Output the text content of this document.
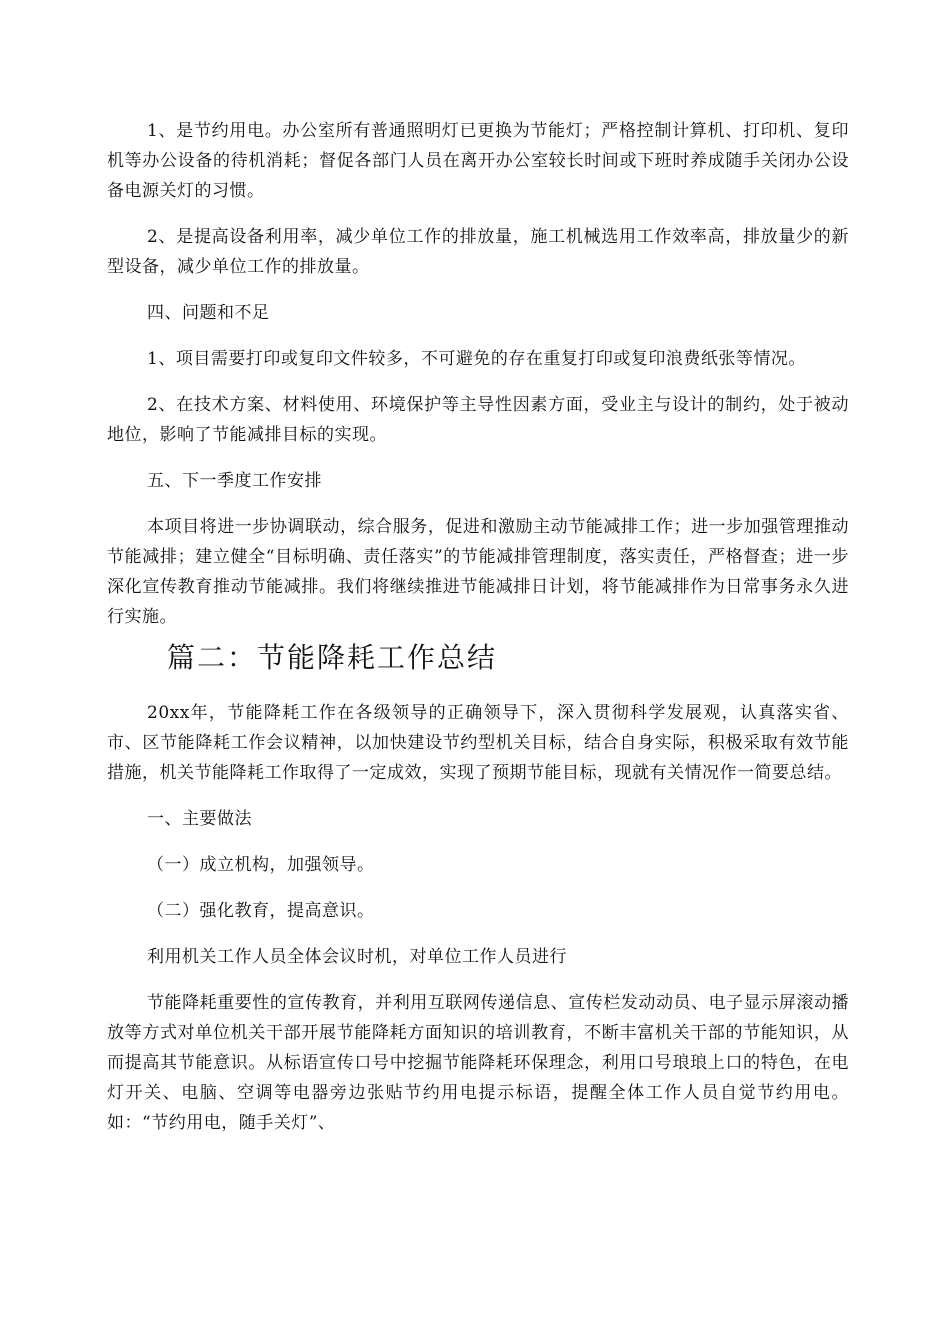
1、是节约用电。办公室所有普通照明灯已更换为节能灯；严格控制计算机、打印机、复印机等办公设备的待机消耗；督促各部门人员在离开办公室较长时间或下班时养成随手关闭办公设备电源关灯的习惯。

2、是提高设备利用率，减少单位工作的排放量，施工机械选用工作效率高，排放量少的新型设备，减少单位工作的排放量。

四、问题和不足

1、项目需要打印或复印文件较多，不可避免的存在重复打印或复印浪费纸张等情况。

2、在技术方案、材料使用、环境保护等主导性因素方面，受业主与设计的制约，处于被动地位，影响了节能减排目标的实现。

五、下一季度工作安排

本项目将进一步协调联动，综合服务，促进和激励主动节能减排工作；进一步加强管理推动节能减排；建立健全“目标明确、责任落实”的节能减排管理制度，落实责任，严格督查；进一步深化宣传教育推动节能减排。我们将继续推进节能减排日计划，将节能减排作为日常事务永久进行实施。

篇二：节能降耗工作总结

20xx年，节能降耗工作在各级领导的正确领导下，深入贯彻科学发展观，认真落实省、市、区节能降耗工作会议精神，以加快建设节约型机关目标，结合自身实际，积极采取有效节能措施，机关节能降耗工作取得了一定成效，实现了预期节能目标，现就有关情况作一简要总结。

一、主要做法

（一）成立机构，加强领导。

（二）强化教育，提高意识。

利用机关工作人员全体会议时机，对单位工作人员进行

节能降耗重要性的宣传教育，并利用互联网传递信息、宣传栏发动动员、电子显示屏滚动播放等方式对单位机关干部开展节能降耗方面知识的培训教育，不断丰富机关干部的节能知识，从而提高其节能意识。从标语宣传口号中挖掘节能降耗环保理念，利用口号琅琅上口的特色，在电灯开关、电脑、空调等电器旁边张贴节约用电提示标语，提醒全体工作人员自觉节约用电。如：“节约用电，随手关灯”、
